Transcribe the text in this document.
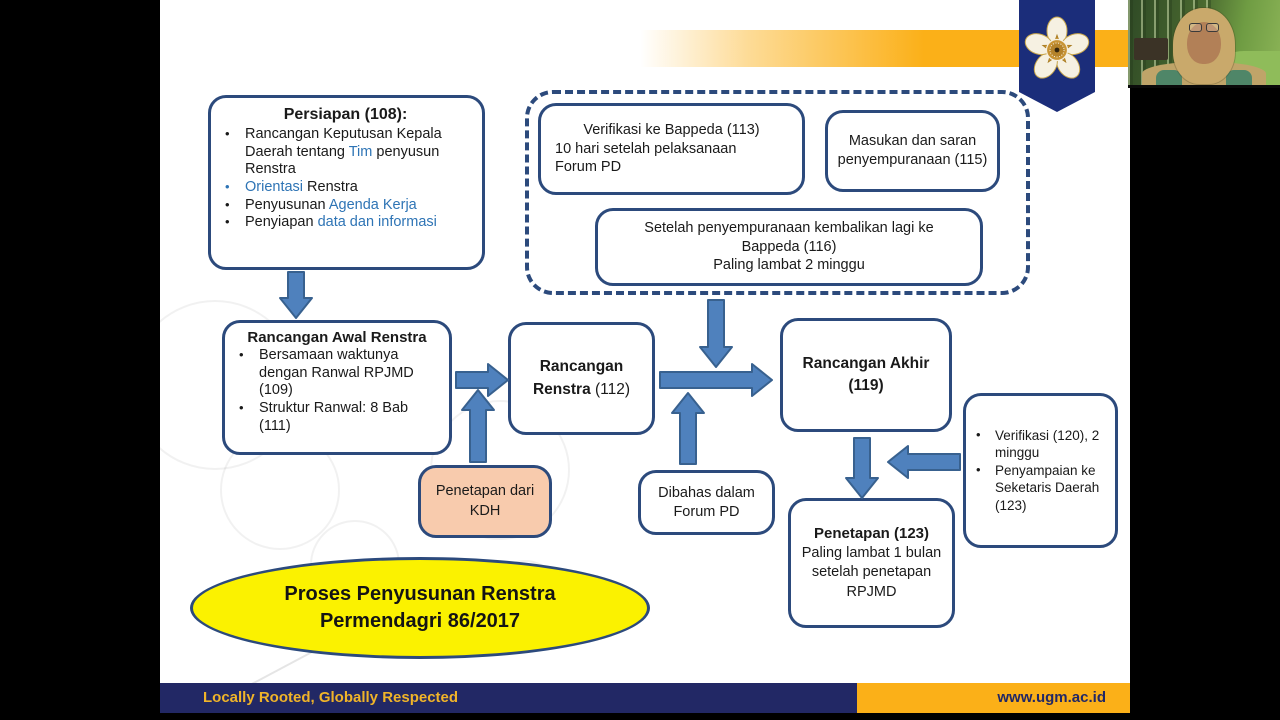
Verifikasi ke Bappeda (113)
10 hari setelah pelaksanaan
Forum PD
Masukan dan saran penyempuranaan (115)
Setelah penyempuranaan kembalikan lagi ke Bappeda (116)
Paling lambat 2 minggu
Persiapan (108):
•	Rancangan Keputusan Kepala Daerah tentang Tim penyusun Renstra
•	Orientasi Renstra
•	Penyusunan Agenda Kerja
•	Penyiapan data dan informasi
Rancangan Awal Renstra
•	Bersamaan waktunya dengan Ranwal RPJMD (109)
•	Struktur Ranwal: 8 Bab (111)
Rancangan Renstra (112)
Rancangan Akhir (119)
Dibahas dalam Forum PD
Penetapan dari KDH
Penetapan (123)
Paling lambat 1 bulan setelah penetapan RPJMD
•	Verifikasi (120), 2 minggu
•	Penyampaian ke Seketaris Daerah (123)
Proses Penyusunan Renstra
Permendagri 86/2017
Locally Rooted, Globally Respected	www.ugm.ac.id
